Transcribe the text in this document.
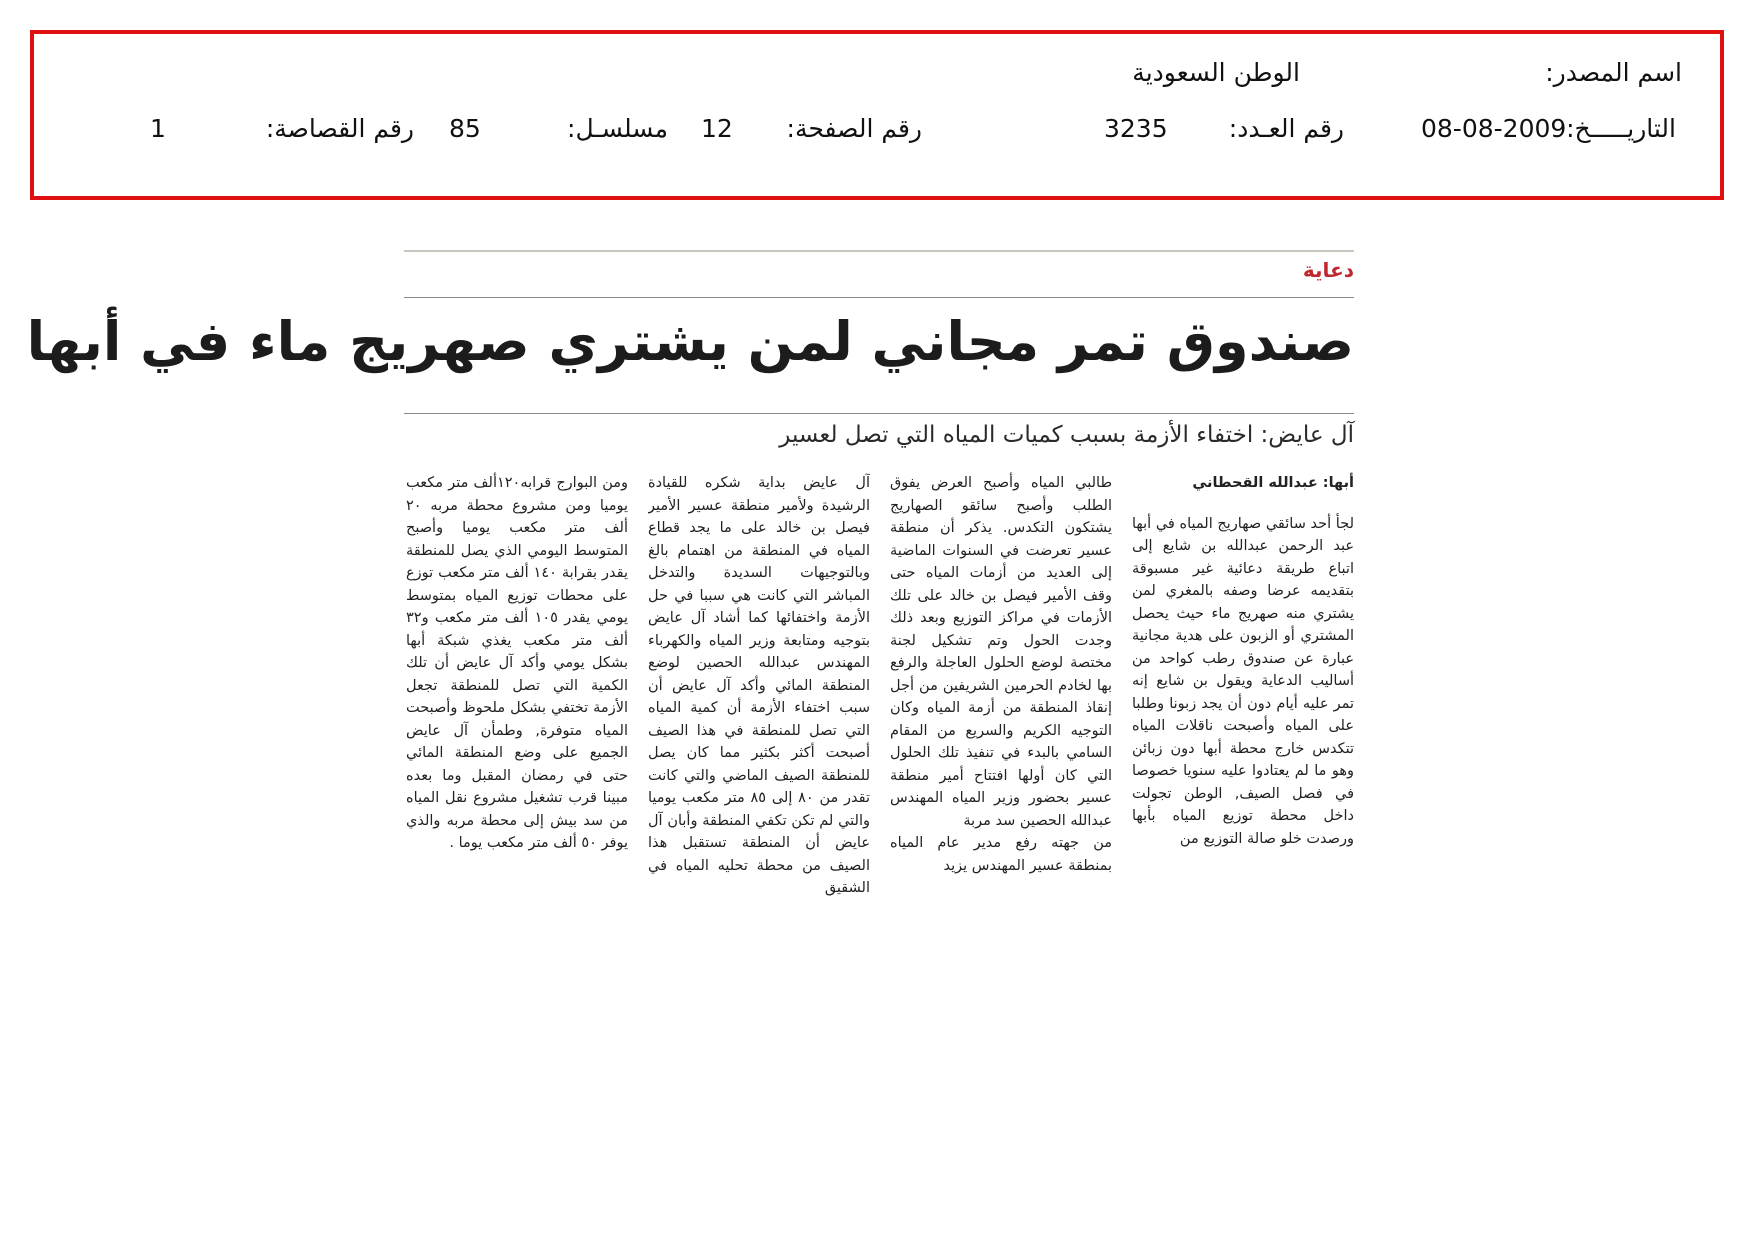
اسم المصدر:
الوطن السعودية
التاريـــــخ:
08-08-2009
رقم العـدد:
3235
رقم الصفحة:
12
مسلسـل:
85
رقم القصاصة:
1
دعاية
صندوق تمر مجاني لمن يشتري صهريج ماء في أبها
آل عايض: اختفاء الأزمة بسبب كميات المياه التي تصل لعسير
أبها: عبدالله القحطاني

لجأ أحد سائقي صهاريج المياه في أبها عبد الرحمن عبدالله بن شايع إلى اتباع طريقة دعائية غير مسبوقة بتقديمه عرضا وصفه بالمغري لمن يشتري منه صهريج ماء حيث يحصل المشتري أو الزبون على هدية مجانية عبارة عن صندوق رطب كواحد من أساليب الدعاية ويقول بن شايع إنه تمر عليه أيام دون أن يجد زبونا وطلبا على المياه وأصبحت ناقلات المياه تتكدس خارج محطة أبها دون زبائن وهو ما لم يعتادوا عليه سنويا خصوصا في فصل الصيف, الوطن تجولت داخل محطة توزيع المياه بأبها ورصدت خلو صالة التوزيع من

طالبي المياه وأصبح العرض يفوق الطلب وأصبح سائقو الصهاريج يشتكون التكدس. يذكر أن منطقة عسير تعرضت في السنوات الماضية إلى العديد من أزمات المياه حتى وقف الأمير فيصل بن خالد على تلك الأزمات في مراكز التوزيع وبعد ذلك وجدت الحول وتم تشكيل لجنة مختصة لوضع الحلول العاجلة والرفع بها لخادم الحرمين الشريفين من أجل إنقاذ المنطقة من أزمة المياه وكان التوجيه الكريم والسريع من المقام السامي بالبدء في تنفيذ تلك الحلول التي كان أولها افتتاح أمير منطقة عسير بحضور وزير المياه المهندس عبدالله الحصين سد مربة
من جهته رفع مدير عام المياه بمنطقة عسير المهندس يزيد

آل عايض بداية شكره للقيادة الرشيدة ولأمير منطقة عسير الأمير فيصل بن خالد على ما يجد قطاع المياه في المنطقة من اهتمام بالغ وبالتوجيهات السديدة والتدخل المباشر التي كانت هي سببا في حل الأزمة واختفائها كما أشاد آل عايض بتوجيه ومتابعة وزير المياه والكهرباء المهندس عبدالله الحصين لوضع المنطقة المائي وأكد آل عايض أن سبب اختفاء الأزمة أن كمية المياه التي تصل للمنطقة في هذا الصيف أصبحت أكثر بكثير مما كان يصل للمنطقة الصيف الماضي والتي كانت تقدر من ٨٠ إلى ٨٥ متر مكعب يوميا والتي لم تكن تكفي المنطقة وأبان آل عايض أن المنطقة تستقبل هذا الصيف من محطة تحليه المياه في الشقيق

ومن البوارج قرابه١٢٠ألف متر مكعب يوميا ومن مشروع محطة مربه ٢٠ ألف متر مكعب يوميا وأصبح المتوسط اليومي الذي يصل للمنطقة يقدر بقرابة ١٤٠ ألف متر مكعب توزع على محطات توزيع المياه بمتوسط يومي يقدر ١٠٥ ألف متر مكعب و٣٢ ألف متر مكعب يغذي شبكة أبها بشكل يومي وأكد آل عايض أن تلك الكمية التي تصل للمنطقة تجعل الأزمة تختفي بشكل ملحوظ وأصبحت المياه متوفرة, وطمأن آل عايض الجميع على وضع المنطقة المائي حتى في رمضان المقبل وما بعده مبينا قرب تشغيل مشروع نقل المياه من سد بيش إلى محطة مربه والذي يوفر ٥٠ ألف متر مكعب يوما .
